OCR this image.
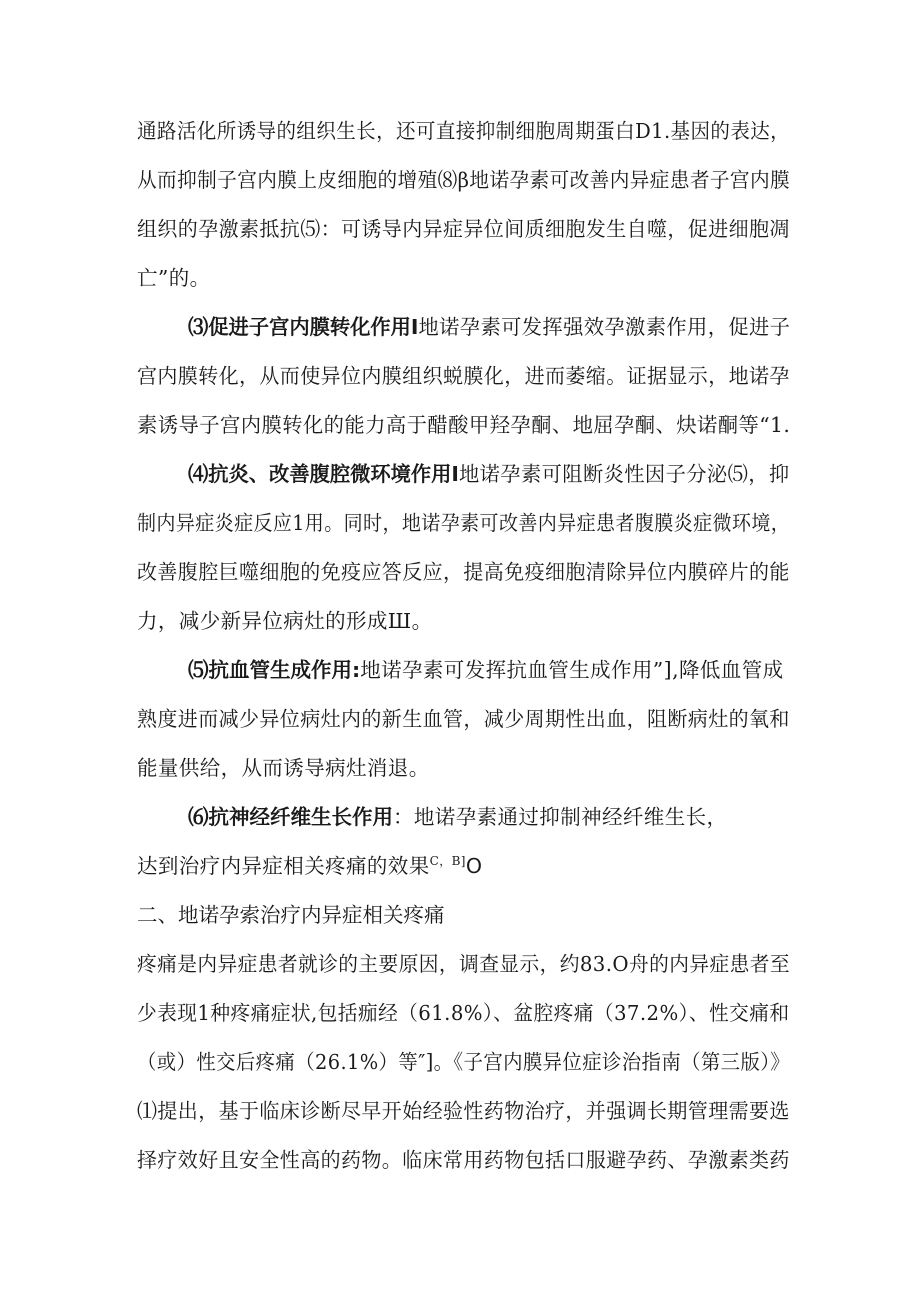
通路活化所诱导的组织生长，还可直接抑制细胞周期蛋白D1.基因的表达，
从而抑制子宫内膜上皮细胞的增殖⑻β地诺孕素可改善内异症患者子宫内膜
组织的孕激素抵抗⑸：可诱导内异症异位间质细胞发生自噬，促进细胞凋
亡”的。
⑶促进子宫内膜转化作用I地诺孕素可发挥强效孕激素作用，促进子
宫内膜转化，从而使异位内膜组织蜕膜化，进而萎缩。证据显示，地诺孕
素诱导子宫内膜转化的能力高于醋酸甲羟孕酮、地屈孕酮、炔诺酮等“1.
⑷抗炎、改善腹腔微环境作用I地诺孕素可阻断炎性因子分泌⑸，抑
制内异症炎症反应1用。同时，地诺孕素可改善内异症患者腹膜炎症微环境，
改善腹腔巨噬细胞的免疫应答反应，提高免疫细胞清除异位内膜碎片的能
力，减少新异位病灶的形成Ш。
⑸抗血管生成作用:地诺孕素可发挥抗血管生成作用”],降低血管成
熟度进而减少异位病灶内的新生血管，减少周期性出血，阻断病灶的氧和
能量供给，从而诱导病灶消退。
⑹抗神经纤维生长作用：地诺孕素通过抑制神经纤维生长，
达到治疗内异症相关疼痛的效果$^{C,B]}$O
二、地诺孕索治疗内异症相关疼痛
疼痛是内异症患者就诊的主要原因，调查显示，约83.O舟的内异症患者至
少表现1种疼痛症状,包括痂经（61.8%）、盆腔疼痛（37.2%）、性交痛和
（或）性交后疼痛（26.1%）等″]。《子宫内膜异位症诊治指南（第三版）》
⑴提出，基于临床诊断尽早开始经验性药物治疗，并强调长期管理需要选
择疗效好且安全性高的药物。临床常用药物包括口服避孕药、孕激素类药
